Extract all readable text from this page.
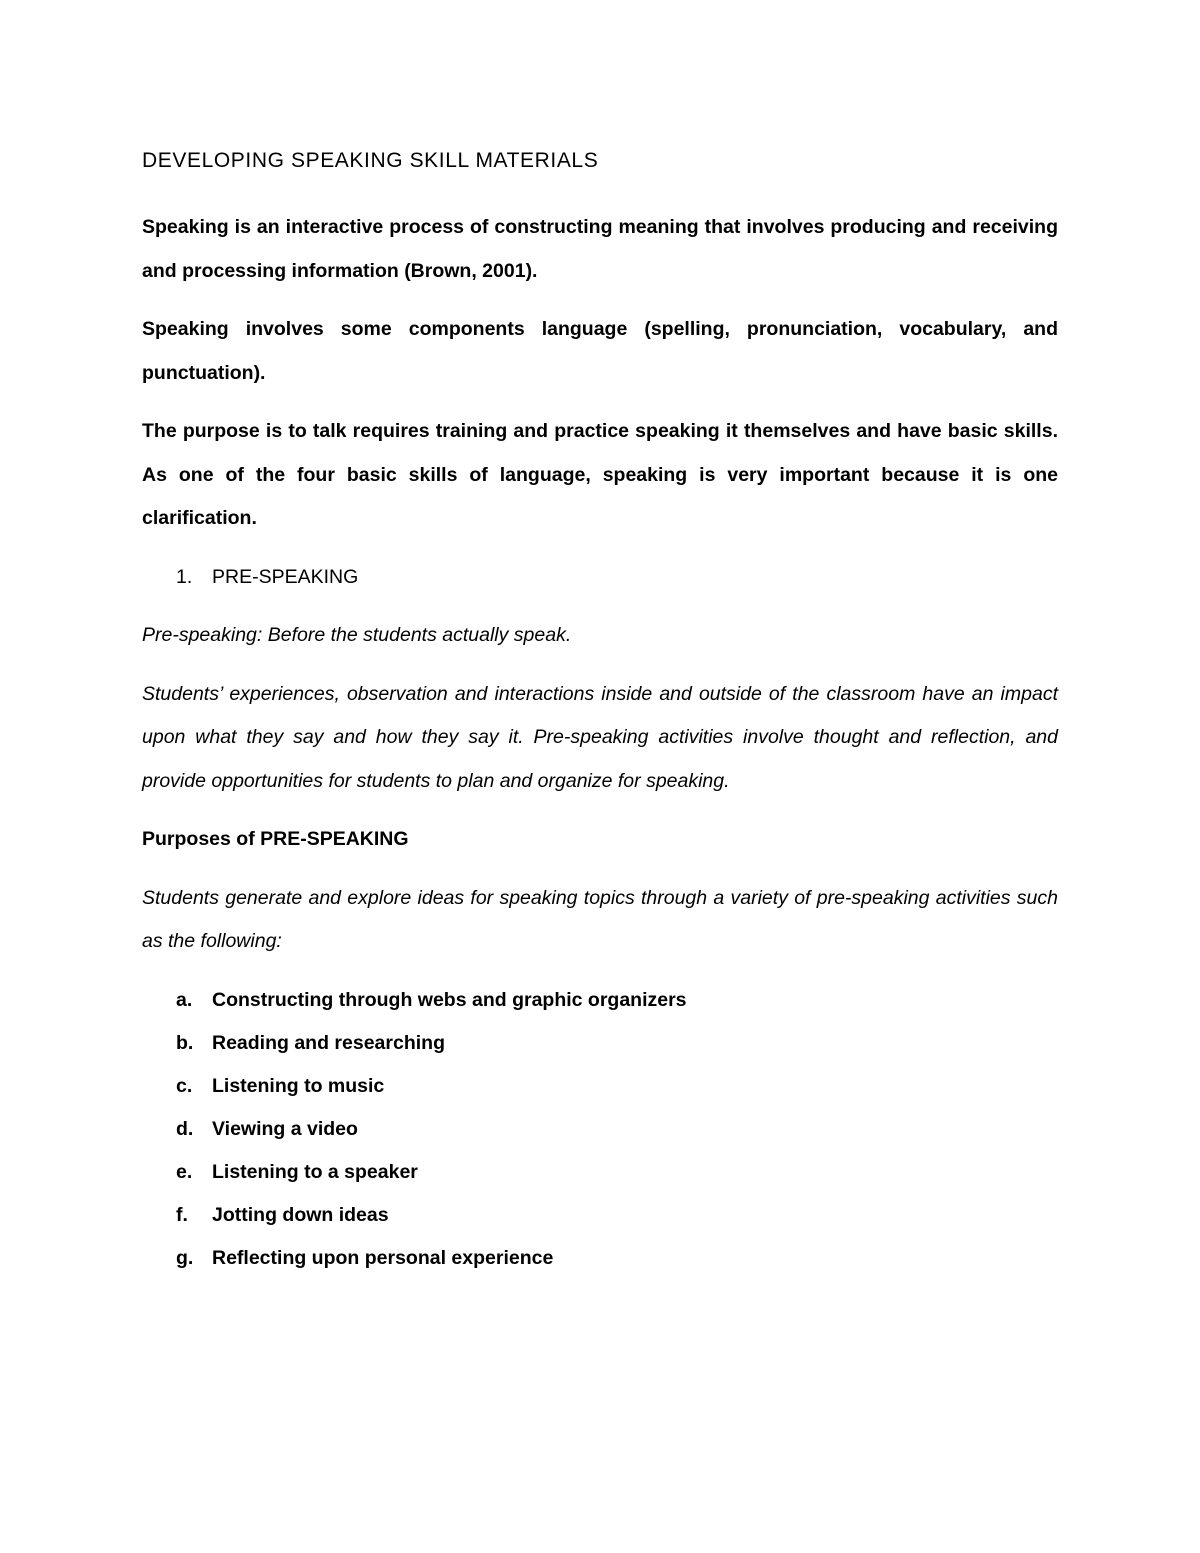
DEVELOPING SPEAKING SKILL MATERIALS

Speaking is an interactive process of constructing meaning that involves producing and receiving and processing information (Brown, 2001).

Speaking involves some components language (spelling, pronunciation, vocabulary, and punctuation).

The purpose is to talk requires training and practice speaking it themselves and have basic skills. As one of the four basic skills of language, speaking is very important because it is one clarification.

1.	PRE-SPEAKING

Pre-speaking: Before the students actually speak.

Students’ experiences, observation and interactions inside and outside of the classroom have an impact upon what they say and how they say it. Pre-speaking activities involve thought and reflection, and provide opportunities for students to plan and organize for speaking.

Purposes of PRE-SPEAKING

Students generate and explore ideas for speaking topics through a variety of pre-speaking activities such as the following:

a.	Constructing through webs and graphic organizers
b. Reading and researching
c.	Listening to music
d. Viewing a video
e.	Listening to a speaker
f.	Jotting down ideas
g. Reflecting upon personal experience
